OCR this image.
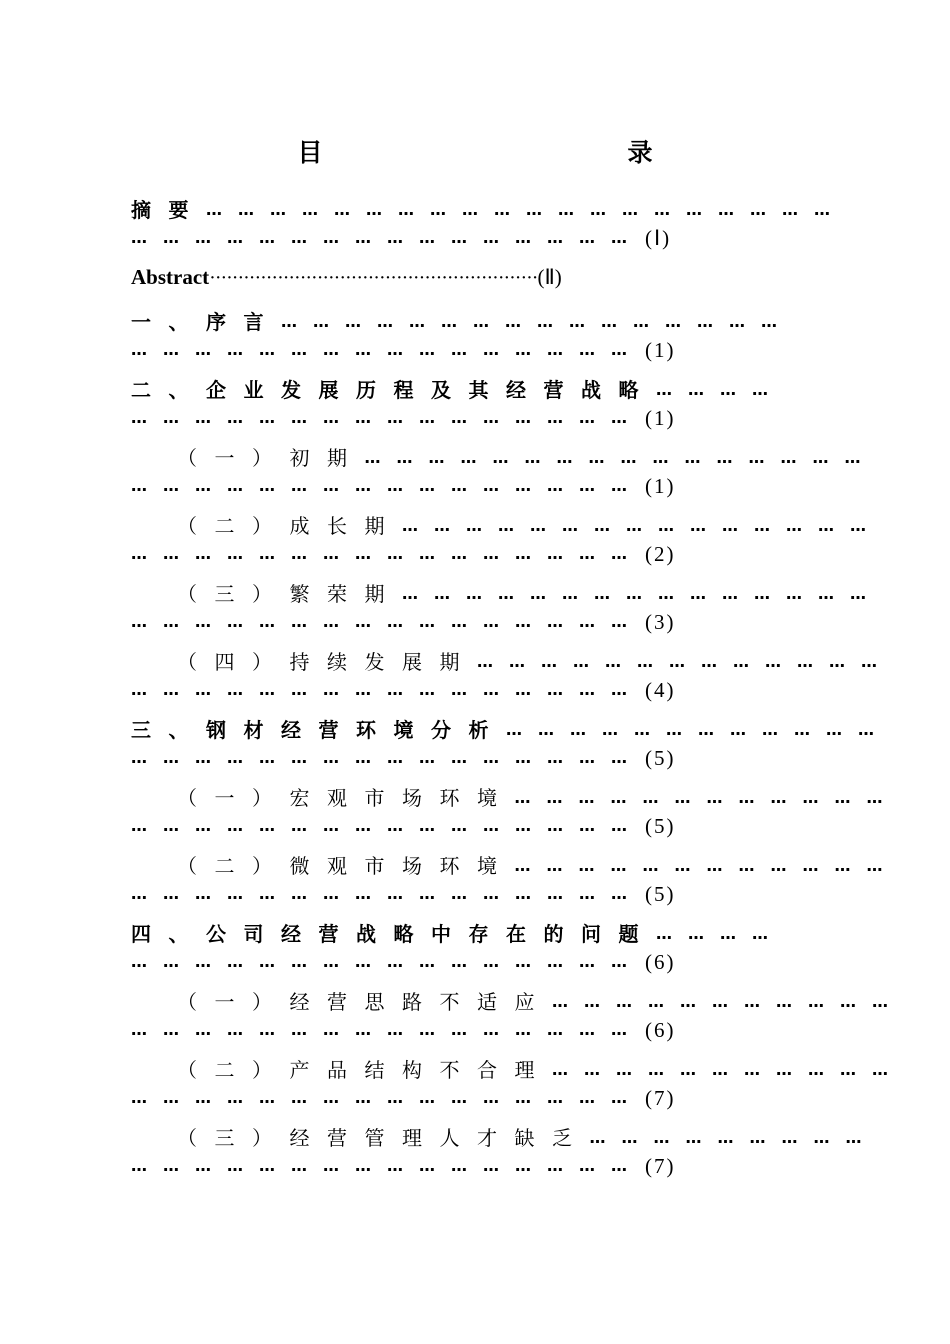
目　　录
摘要……………………………………………………
…………………………………………(Ⅰ)
Abstract··························································(Ⅱ)
一、序言…………………………………………
…………………………………………(1)
二、企业发展历程及其经营战略…………
…………………………………………(1)
（一）初期…………………………………………
…………………………………………(1)
（二）成长期………………………………………
…………………………………………(2)
（三）繁荣期………………………………………
…………………………………………(3)
（四）持续发展期…………………………………
…………………………………………(4)
三、钢材经营环境分析………………………………
…………………………………………(5)
（一）宏观市场环境………………………………
…………………………………………(5)
（二）微观市场环境………………………………
…………………………………………(5)
四、公司经营战略中存在的问题…………
…………………………………………(6)
（一）经营思路不适应……………………………
…………………………………………(6)
（二）产品结构不合理……………………………
…………………………………………(7)
（三）经营管理人才缺乏………………………
…………………………………………(7)
